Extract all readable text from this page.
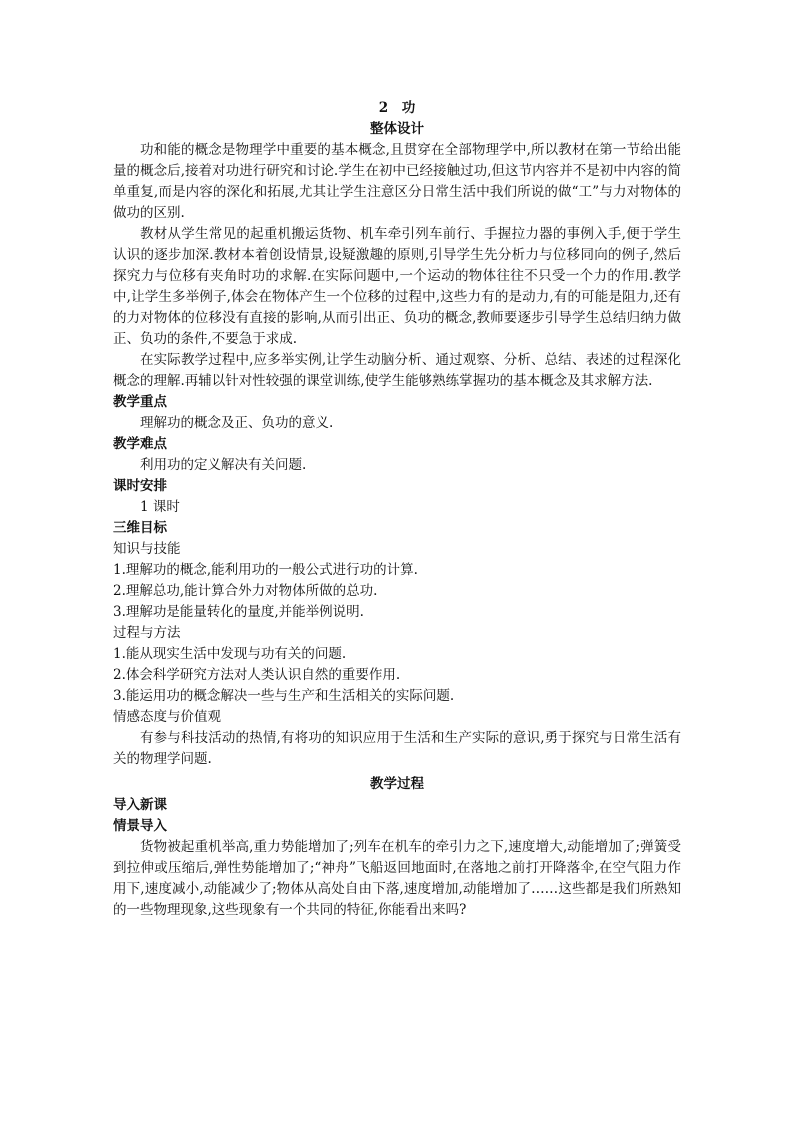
2　功
整体设计
功和能的概念是物理学中重要的基本概念,且贯穿在全部物理学中,所以教材在第一节给出能量的概念后,接着对功进行研究和讨论.学生在初中已经接触过功,但这节内容并不是初中内容的简单重复,而是内容的深化和拓展,尤其让学生注意区分日常生活中我们所说的做“工”与力对物体的做功的区别.
教材从学生常见的起重机搬运货物、机车牵引列车前行、手握拉力器的事例入手,便于学生认识的逐步加深.教材本着创设情景,设疑激趣的原则,引导学生先分析力与位移同向的例子,然后探究力与位移有夹角时功的求解.在实际问题中,一个运动的物体往往不只受一个力的作用.教学中,让学生多举例子,体会在物体产生一个位移的过程中,这些力有的是动力,有的可能是阻力,还有的力对物体的位移没有直接的影响,从而引出正、负功的概念,教师要逐步引导学生总结归纳力做正、负功的条件,不要急于求成.
在实际教学过程中,应多举实例,让学生动脑分析、通过观察、分析、总结、表述的过程深化概念的理解.再辅以针对性较强的课堂训练,使学生能够熟练掌握功的基本概念及其求解方法.
教学重点
理解功的概念及正、负功的意义.
教学难点
利用功的定义解决有关问题.
课时安排
1 课时
三维目标
知识与技能
1.理解功的概念,能利用功的一般公式进行功的计算.
2.理解总功,能计算合外力对物体所做的总功.
3.理解功是能量转化的量度,并能举例说明.
过程与方法
1.能从现实生活中发现与功有关的问题.
2.体会科学研究方法对人类认识自然的重要作用.
3.能运用功的概念解决一些与生产和生活相关的实际问题.
情感态度与价值观
有参与科技活动的热情,有将功的知识应用于生活和生产实际的意识,勇于探究与日常生活有关的物理学问题.
教学过程
导入新课
情景导入
货物被起重机举高,重力势能增加了;列车在机车的牵引力之下,速度增大,动能增加了;弹簧受到拉伸或压缩后,弹性势能增加了;“神舟”飞船返回地面时,在落地之前打开降落伞,在空气阻力作用下,速度减小,动能减少了;物体从高处自由下落,速度增加,动能增加了……这些都是我们所熟知的一些物理现象,这些现象有一个共同的特征,你能看出来吗?
